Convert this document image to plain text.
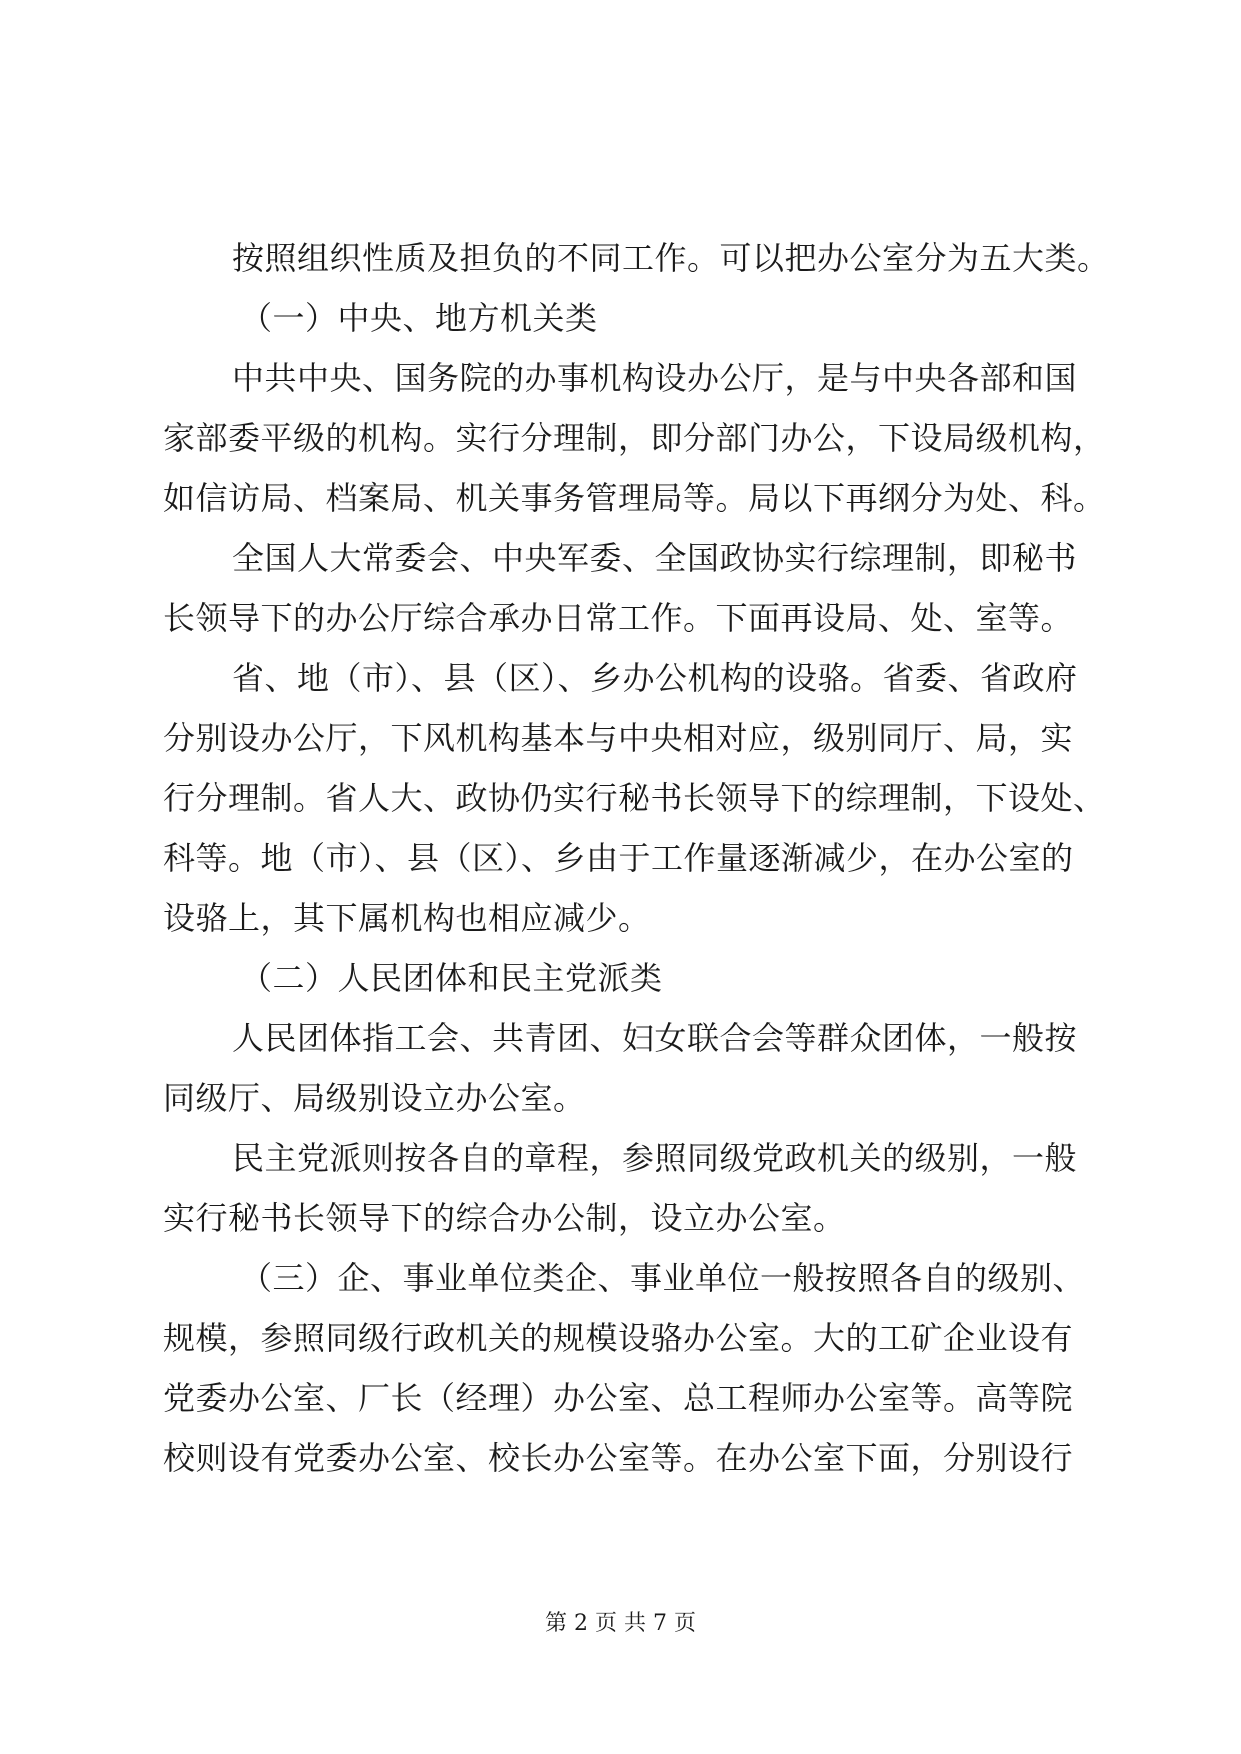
按照组织性质及担负的不同工作。可以把办公室分为五大类。
（一）中央、地方机关类
中共中央、国务院的办事机构设办公厅，是与中央各部和国
家部委平级的机构。实行分理制，即分部门办公，下设局级机构，
如信访局、档案局、机关事务管理局等。局以下再纲分为处、科。
全国人大常委会、中央军委、全国政协实行综理制，即秘书
长领导下的办公厅综合承办日常工作。下面再设局、处、室等。
省、地（市）、县（区）、乡办公机构的设骆。省委、省政府
分别设办公厅，下风机构基本与中央相对应，级别同厅、局，实
行分理制。省人大、政协仍实行秘书长领导下的综理制，下设处、
科等。地（市）、县（区）、乡由于工作量逐渐减少，在办公室的
设骆上，其下属机构也相应减少。
（二）人民团体和民主党派类
人民团体指工会、共青团、妇女联合会等群众团体，一般按
同级厅、局级别设立办公室。
民主党派则按各自的章程，参照同级党政机关的级别，一般
实行秘书长领导下的综合办公制，设立办公室。
（三）企、事业单位类企、事业单位一般按照各自的级别、
规模，参照同级行政机关的规模设骆办公室。大的工矿企业设有
党委办公室、厂长（经理）办公室、总工程师办公室等。高等院
校则设有党委办公室、校长办公室等。在办公室下面，分别设行
第 2 页 共 7 页
